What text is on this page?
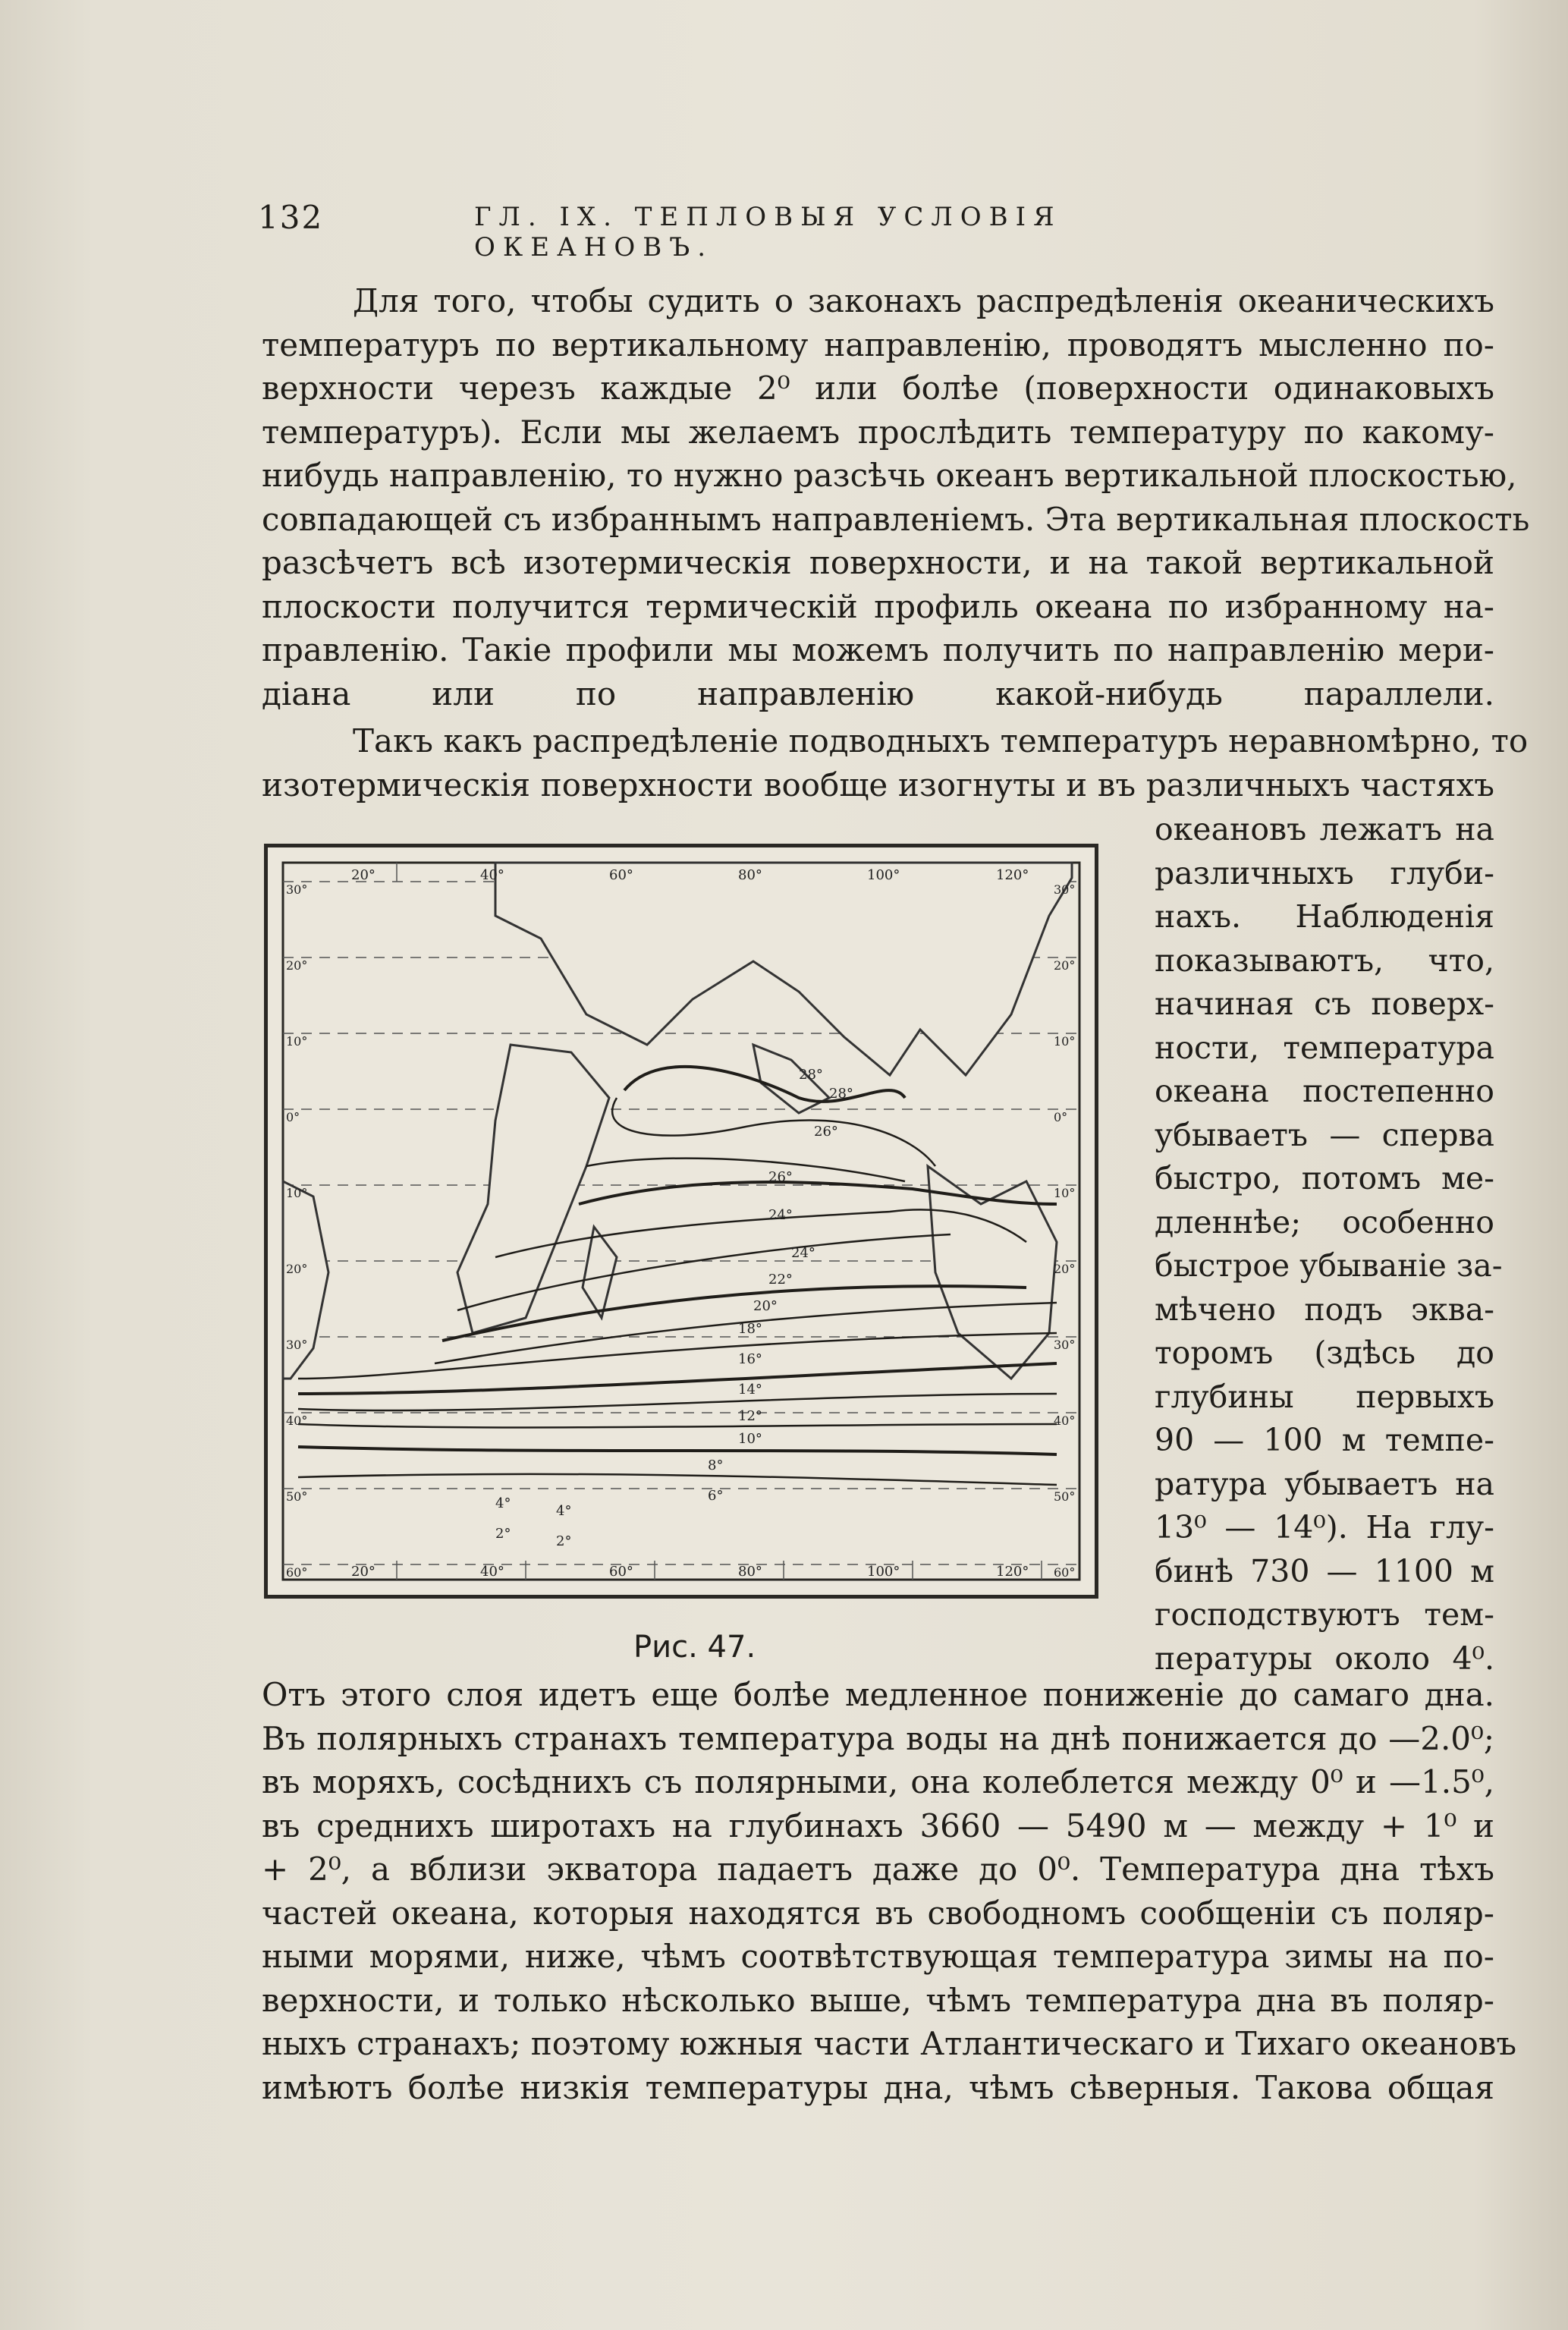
132	ГЛ. IX. ТЕПЛОВЫЯ УСЛОВІЯ ОКЕАНОВЪ.
20°
20°
40°
40°
60°
60°
80°
80°
100°
100°
120°
120°
30°	30°
20°	20°
10°	10°
0°	0°
10°	10°
20°	20°
30°	30°
40°	40°
50°	50°
60°	60°
28°
28°
26°
26°
24°
24°
22°
20°
18°
16°
14°
12°
10°
8°
6°
4°
2°
4°
2°
Рис. 47.
Для того, чтобы судить о законахъ распредѣленія океаническихъ
температуръ по вертикальному направленію, проводятъ мысленно по-
верхности черезъ каждые 2⁰ или болѣе (поверхности одинаковыхъ
температуръ). Если мы желаемъ прослѣдить температуру по какому-
нибудь направленію, то нужно разсѣчь океанъ вертикальной плоскостью,
совпадающей съ избраннымъ направленіемъ. Эта вертикальная плоскость
разсѣчетъ всѣ изотермическія поверхности, и на такой вертикальной
плоскости получится термическій профиль океана по избранному на-
правленію. Такіе профили мы можемъ получить по направленію мери-
діана или по направленію какой-нибудь параллели.
Такъ какъ распредѣленіе подводныхъ температуръ неравномѣрно, то
изотермическія поверхности вообще изогнуты и въ различныхъ частяхъ
океановъ лежатъ на
различныхъ глуби-
нахъ. Наблюденія
показываютъ, что,
начиная съ поверх-
ности, температура
океана постепенно
убываетъ — сперва
быстро, потомъ ме-
дленнѣе; особенно
быстрое убываніе за-
мѣчено подъ эква-
торомъ (здѣсь до
глубины первыхъ
90 — 100 м темпе-
ратура убываетъ на
13⁰ — 14⁰). На глу-
бинѣ 730 — 1100 м
господствуютъ тем-
пературы около 4⁰.
Отъ этого слоя идетъ еще болѣе медленное пониженіе до самаго дна.
Въ полярныхъ странахъ температура воды на днѣ понижается до —2.0⁰;
въ моряхъ, сосѣднихъ съ полярными, она колеблется между 0⁰ и —1.5⁰,
въ среднихъ широтахъ на глубинахъ 3660 — 5490 м — между + 1⁰ и
+ 2⁰, а вблизи экватора падаетъ даже до 0⁰. Температура дна тѣхъ
частей океана, которыя находятся въ свободномъ сообщеніи съ поляр-
ными морями, ниже, чѣмъ соотвѣтствующая температура зимы на по-
верхности, и только нѣсколько выше, чѣмъ температура дна въ поляр-
ныхъ странахъ; поэтому южныя части Атлантическаго и Тихаго океановъ
имѣютъ болѣе низкія температуры дна, чѣмъ сѣверныя. Такова общая
